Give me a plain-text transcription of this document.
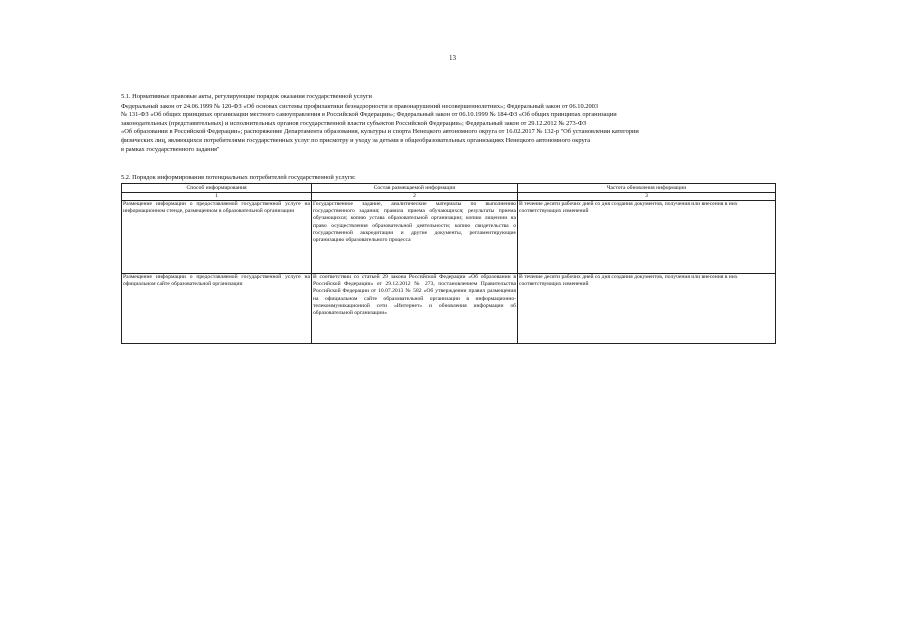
13

5.1. Нормативные правовые акты, регулирующие порядок оказания государственной услуги

Федеральный закон от 24.06.1999 № 120-ФЗ «Об основах системы профилактики безнадзорности и правонарушений несовершеннолетних»; Федеральный закон от 06.10.2003

№ 131-ФЗ «Об общих принципах организации местного самоуправления в Российской Федерации»; Федеральный закон от 06.10.1999 № 184-ФЗ «Об общих принципах организации

законодательных (представительных) и исполнительных органов государственной власти субъектов Российской Федерации»; Федеральный закон от 29.12.2012 № 273-ФЗ

«Об образовании в Российской Федерации»; распоряжение Департамента образования, культуры и спорта Ненецкого автономного округа от 16.02.2017 № 132-р "Об установлении категории

физических лиц, являющихся потребителями государственных услуг по присмотру и уходу за детьми в общеобразовательных организациях Ненецкого автономного округа

в рамках государственного задания"

5.2. Порядок информирования потенциальных потребителей государственной услуги:
Способ информирования	Состав размещаемой информации	Частота обновления информации
1	2	3
Размещение информации о предоставляемой государственной услуге на информационном стенде, размещенном в образовательной организации	Государственное задание, аналитические материалы по выполнению государственного задания; правила приема обучающихся; результаты приема обучающихся; копию устава образовательной организации; копию лицензии на право осуществления образовательной деятельности; копию свидетельства о государственной аккредитации и другие документы, регламентирующие организацию образовательного процесса	В течение десяти рабочих дней со дня создания документов, получения или внесения в них соответствующих изменений
Размещение информации о предоставляемой государственной услуге на официальном сайте образовательной организации	В соответствии со статьей 29 закона Российской Федерации «Об образовании в Российской Федерации» от 29.12.2012 № 273, постановлением Правительства Российской Федерации от 10.07.2013 № 582 «Об утверждении правил размещения на официальном сайте образовательной организации в информационно-телекоммуникационной сети «Интернет» и обновления информации об образовательной организации»	В течение десяти рабочих дней со дня создания документов, получения или внесения в них соответствующих изменений
